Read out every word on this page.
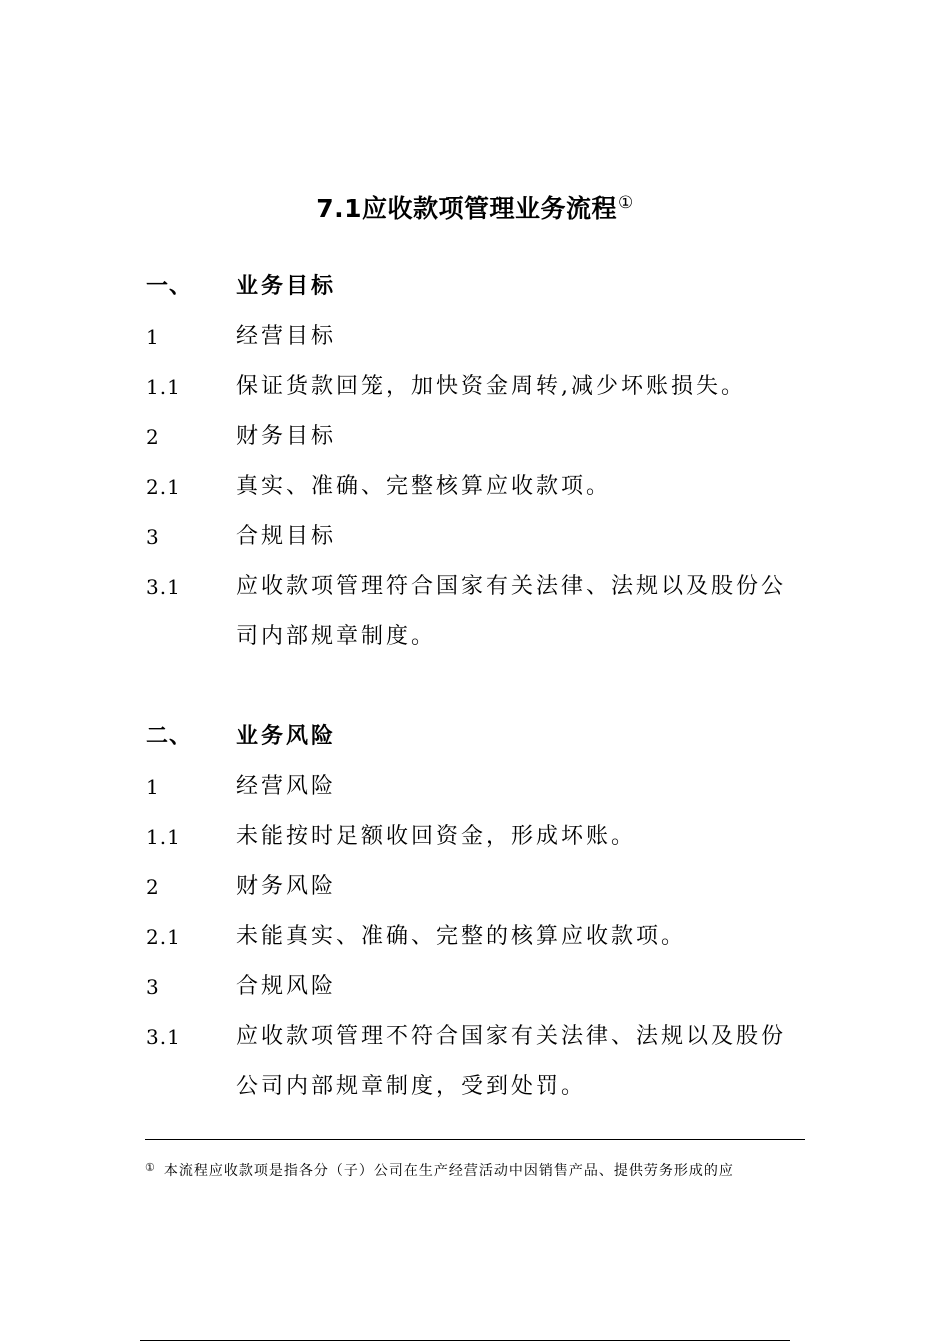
7.1应收款项管理业务流程①
一、	业务目标
1	经营目标
1.1	保证货款回笼，加快资金周转,减少坏账损失。
2	财务目标
2.1	真实、准确、完整核算应收款项。
3	合规目标
3.1	应收款项管理符合国家有关法律、法规以及股份公
司内部规章制度。
二、	业务风险
1	经营风险
1.1	未能按时足额收回资金，形成坏账。
2	财务风险
2.1	未能真实、准确、完整的核算应收款项。
3	合规风险
3.1	应收款项管理不符合国家有关法律、法规以及股份
公司内部规章制度，受到处罚。
① 本流程应收款项是指各分（子）公司在生产经营活动中因销售产品、提供劳务形成的应
